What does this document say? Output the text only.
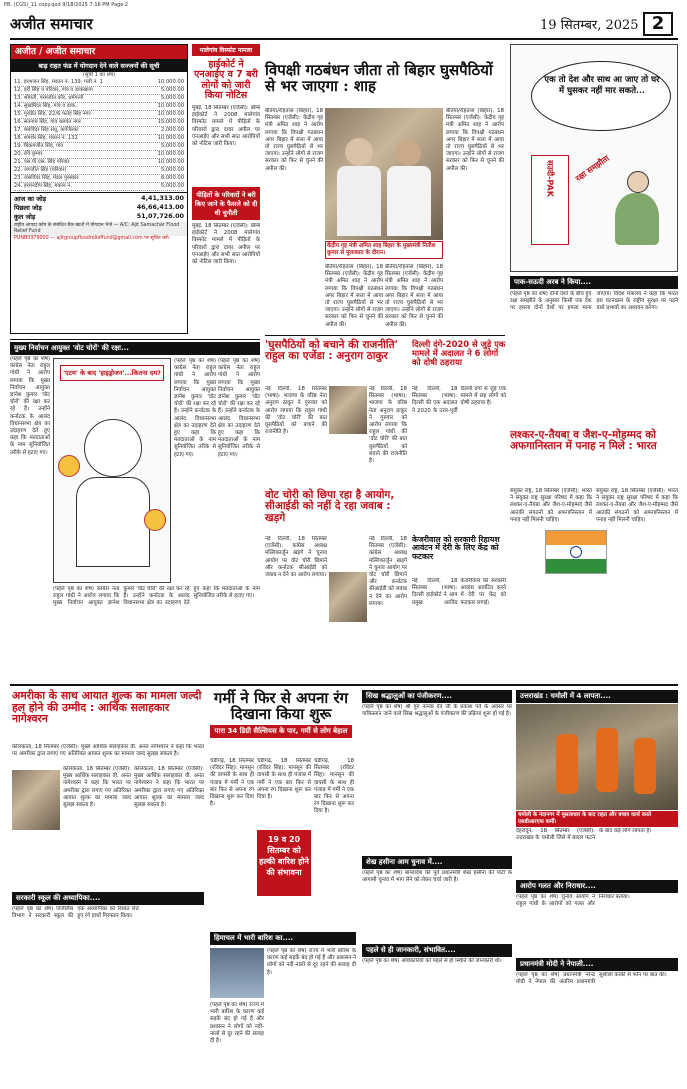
PB. (CGS)_11 copy.qxd 9/18/2025 7:16 PM Page 2
अजीत समाचार	19 सितम्बर, 2025 2
अजीत / अजीत समाचार
बाढ़ राहत फंड में योगदान देने वाले सज्जनों की सूची
(सूची 1 का शेष)
11. हरभजन सिंह, मकान नं. 139, गली नं. 1	10,000.00
12. हरी सिंह व परिवार, गांव व डाकखाना	5,000.00
13. श्रीमती, परमजीत कौर, धर्मपत्नी	5,000.00
14. सुखमिंदर सिंह, गांव व डाक.	10,000.00
15. गुरप्रीत सिंह, 22/6 फतेह सिंह नगर	10,000.00
16. सतनाम सिंह, गांव बलवंत नगर	15,000.00
17. बलविंदर सिंह संधू, फाजिल्का	2,000.00
18. शमशेर सिंह, मकान नं. 132	10,000.00
19. बिक्रमजीत सिंह, गांव	5,000.00
20. रवि कुमार	10,000.00
21. एस.पी.एस. सिंह परिवार	10,000.00
22. जगजीत सिंह (परिवार)	5,000.00
23. जसविंदर सिंह, मेडल पुरस्कार	8,000.00
24. हरमनदीप सिंह, मकान नं.	5,000.00
आज का जोड़	4,41,313.00
पिछला जोड़	46,66,413.00
कुल जोड़	51,07,726.00
राष्ट्रीय आपदा कोष के संबंधित बैंक खातों में योगदान भेजें — A/C: Ajit Samachar Flood Relief Fund
PUNB0379000 — ajitgroupfloodrelieffund@gmail.com पर सूचित करें।
मालेगांव विस्फोट मामला
हाईकोर्ट ने एनआईए व 7 बरी लोगों को जारी किया नोटिस
मुंबई, 18 सितम्बर (एजेंसी): बॉम्बे हाईकोर्ट ने 2008 मालेगांव विस्फोट मामले में पीड़ितों के परिवारों द्वारा दायर अपील पर एनआईए और सभी सात आरोपियों को नोटिस जारी किया।
पीड़ितों के परिवारों ने बरी किए जाने के फैसले को दी थी चुनौती
मुंबई, 18 सितम्बर (एजेंसी): बॉम्बे हाईकोर्ट ने 2008 मालेगांव विस्फोट मामले में पीड़ितों के परिवारों द्वारा दायर अपील पर एनआईए और सभी सात आरोपियों को नोटिस जारी किया।
विपक्षी गठबंधन जीता तो बिहार घुसपैठियों से भर जाएगा : शाह
बेतिया/रोहतास (बिहार), 18 सितम्बर (एजेंसी): केंद्रीय गृह मंत्री अमित शाह ने आरोप लगाया कि विपक्षी गठबंधन अगर बिहार में सत्ता में आया तो राज्य घुसपैठियों से भर जाएगा। उन्होंने लोगों से राजग सरकार को फिर से चुनने की अपील की।
केंद्रीय गृह मंत्री अमित शाह बिहार के मुख्यमंत्री नितीश कुमार से मुलाकात के दौरान।
बेतिया/रोहतास (बिहार), 18 सितम्बर (एजेंसी): केंद्रीय गृह मंत्री अमित शाह ने आरोप लगाया कि विपक्षी गठबंधन अगर बिहार में सत्ता में आया तो राज्य घुसपैठियों से भर जाएगा। उन्होंने लोगों से राजग सरकार को फिर से चुनने की अपील की।
बेतिया/रोहतास (बिहार), 18 सितम्बर (एजेंसी): केंद्रीय गृह मंत्री अमित शाह ने आरोप लगाया कि विपक्षी गठबंधन अगर बिहार में सत्ता में आया तो राज्य घुसपैठियों से भर जाएगा। उन्होंने लोगों से राजग सरकार को फिर से चुनने की अपील की।
बेतिया/रोहतास (बिहार), 18 सितम्बर (एजेंसी): केंद्रीय गृह मंत्री अमित शाह ने आरोप लगाया कि विपक्षी गठबंधन अगर बिहार में सत्ता में आया तो राज्य घुसपैठियों से भर जाएगा। उन्होंने लोगों से राजग सरकार को फिर से चुनने की अपील की।
एक तो देश और साथ आ जाए तो घर में घुसकर नहीं मार सकते...
सउदी-PAK रक्षा समझौता
पाक-सऊदी अरब ने किया....
(पहले पृष्ठ का शेष) दोनों देशों के बीच हुए रक्षा समझौते के अनुसार किसी एक देश पर हमला दोनों देशों पर हमला माना जाएगा। विदेश मंत्रालय ने कहा कि भारत इस घटनाक्रम के राष्ट्रीय सुरक्षा पर पड़ने वाले प्रभावों का अध्ययन करेगा।
'घुसपैठियों को बचाने की राजनीति' राहुल का एजेंडा : अनुराग ठाकुर
नई दिल्ली, 18 सितम्बर (भाषा): भाजपा के वरिष्ठ नेता अनुराग ठाकुर ने गुरुवार को आरोप लगाया कि राहुल गांधी की 'वोट चोरी' की बात घुसपैठियों को बचाने की राजनीति है।
नई दिल्ली, 18 सितम्बर (भाषा): भाजपा के वरिष्ठ नेता अनुराग ठाकुर ने गुरुवार को आरोप लगाया कि राहुल गांधी की 'वोट चोरी' की बात घुसपैठियों को बचाने की राजनीति है।
दिल्ली दंगे-2020 से जुड़े एक मामले में अदालत ने 6 लोगों को दोषी ठहराया
नई दिल्ली, 18 सितम्बर (भाषा): दिल्ली की एक अदालत ने 2020 के उत्तर-पूर्वी दिल्ली दंगों से जुड़े एक मामले में छह लोगों को दोषी ठहराया है।
वोट चोरी को छिपा रहा है आयोग, सीआईडी को नहीं दे रहा जवाब : खड़गे
नई दिल्ली, 18 सितम्बर (एजेंसी): कांग्रेस अध्यक्ष मल्लिकार्जुन खड़गे ने चुनाव आयोग पर वोट चोरी छिपाने और कर्नाटक सीआईडी को जवाब न देने का आरोप लगाया।
नई दिल्ली, 18 सितम्बर (एजेंसी): कांग्रेस अध्यक्ष मल्लिकार्जुन खड़गे ने चुनाव आयोग पर वोट चोरी छिपाने और कर्नाटक सीआईडी को जवाब न देने का आरोप लगाया।
केजरीवाल को सरकारी रिहायश आवंटन में देरी के लिए केंद्र को फटकार
नई दिल्ली, 18 सितम्बर (भाषा): दिल्ली हाईकोर्ट ने आप प्रमुख अरविंद केजरीवाल को सरकारी आवास आवंटित करने में देरी पर केंद्र को फटकार लगाई।
लश्कर-ए-तैयबा व जैश-ए-मोहम्मद को अफगानिस्तान में पनाह न मिले : भारत
संयुक्त राष्ट्र, 18 सितम्बर (एजेंसी): भारत ने संयुक्त राष्ट्र सुरक्षा परिषद में कहा कि लश्कर-ए-तैयबा और जैश-ए-मोहम्मद जैसे आतंकी संगठनों को अफगानिस्तान में पनाह नहीं मिलनी चाहिए।
संयुक्त राष्ट्र, 18 सितम्बर (एजेंसी): भारत ने संयुक्त राष्ट्र सुरक्षा परिषद में कहा कि लश्कर-ए-तैयबा और जैश-ए-मोहम्मद जैसे आतंकी संगठनों को अफगानिस्तान में पनाह नहीं मिलनी चाहिए।
मुख्य निर्वाचन आयुक्त 'वोट चोरों' की रक्षा...
(पहले पृष्ठ का शेष) कांग्रेस नेता राहुल गांधी ने आरोप लगाया कि मुख्य निर्वाचन आयुक्त ज्ञानेश कुमार 'वोट चोरों' की रक्षा कर रहे हैं। उन्होंने कर्नाटक के आलंद विधानसभा क्षेत्र का उदाहरण देते हुए कहा कि मतदाताओं के नाम सुनियोजित तरीके से हटाए गए।
'एटम' के बाद 'हाइड्रोजन'...कितना दम?
(पहले पृष्ठ का शेष) कांग्रेस नेता राहुल गांधी ने आरोप लगाया कि मुख्य निर्वाचन आयुक्त ज्ञानेश कुमार 'वोट चोरों' की रक्षा कर रहे हैं। उन्होंने कर्नाटक के आलंद विधानसभा क्षेत्र का उदाहरण देते हुए कहा कि मतदाताओं के नाम सुनियोजित तरीके से हटाए गए।
(पहले पृष्ठ का शेष) कांग्रेस नेता राहुल गांधी ने आरोप लगाया कि मुख्य निर्वाचन आयुक्त ज्ञानेश कुमार 'वोट चोरों' की रक्षा कर रहे हैं। उन्होंने कर्नाटक के आलंद विधानसभा क्षेत्र का उदाहरण देते हुए कहा कि मतदाताओं के नाम सुनियोजित तरीके से हटाए गए।
(पहले पृष्ठ का शेष) कांग्रेस नेता राहुल गांधी ने आरोप लगाया कि मुख्य निर्वाचन आयुक्त ज्ञानेश कुमार 'वोट चोरों' की रक्षा कर रहे हैं। उन्होंने कर्नाटक के आलंद विधानसभा क्षेत्र का उदाहरण देते हुए कहा कि मतदाताओं के नाम सुनियोजित तरीके से हटाए गए।
अमरीका के साथ आयात शुल्क का मामला जल्दी हल होने की उम्मीद : आर्थिक सलाहकार नागेश्वरन
कोलकाता, 18 सितम्बर (एजेंसी): मुख्य आर्थिक सलाहकार वी. अनंत नागेश्वरन ने कहा कि भारत पर अमरीका द्वारा लगाए गए अतिरिक्त आयात शुल्क का मामला जल्द सुलझ सकता है।
कोलकाता, 18 सितम्बर (एजेंसी): मुख्य आर्थिक सलाहकार वी. अनंत नागेश्वरन ने कहा कि भारत पर अमरीका द्वारा लगाए गए अतिरिक्त आयात शुल्क का मामला जल्द सुलझ सकता है।
कोलकाता, 18 सितम्बर (एजेंसी): मुख्य आर्थिक सलाहकार वी. अनंत नागेश्वरन ने कहा कि भारत पर अमरीका द्वारा लगाए गए अतिरिक्त आयात शुल्क का मामला जल्द सुलझ सकता है।
गर्मी ने फिर से अपना रंग दिखाना किया शुरू
पारा 34 डिग्री सैल्सियस के पार, गर्मी से लोग बेहाल
चंडीगढ़, 18 सितम्बर (रविंदर सिंह): मानसून की वापसी के साथ ही पंजाब में गर्मी ने एक बार फिर से अपना रंग दिखाना शुरू कर दिया है।
19 व 20 सितम्बर को हल्की बारिश होने की संभावना
चंडीगढ़, 18 सितम्बर (रविंदर सिंह): मानसून की वापसी के साथ ही पंजाब में गर्मी ने एक बार फिर से अपना रंग दिखाना शुरू कर दिया है।
चंडीगढ़, 18 सितम्बर (रविंदर सिंह): मानसून की वापसी के साथ ही पंजाब में गर्मी ने एक बार फिर से अपना रंग दिखाना शुरू कर दिया है।
सरकारी स्कूल की अध्यापिका....
(पहले पृष्ठ का शेष) विजीलैंस विभाग ने सरकारी स्कूल की एक अध्यापिका को रिश्वत लेते हुए रंगे हाथों गिरफ्तार किया।
हिमाचल में भारी बारिश का....
(पहले पृष्ठ का शेष) राज्य में भारी बारिश के कारण कई सड़कें बंद हो गई हैं और प्रशासन ने लोगों को नदी-नालों से दूर रहने की सलाह दी है।
(पहले पृष्ठ का शेष) राज्य में भारी बारिश के कारण कई सड़कें बंद हो गई हैं और प्रशासन ने लोगों को नदी-नालों से दूर रहने की सलाह दी है।
सिख श्रद्धालुओं का पंजीकरण....
(पहले पृष्ठ का शेष) श्री गुरु नानक देव जी के प्रकाश पर्व के अवसर पर पाकिस्तान जाने वाले सिख श्रद्धालुओं के पंजीकरण की प्रक्रिया शुरू हो गई है।
उत्तराखंड : चमोली में 4 लापता....
चमोली के नंदानगर में मूसलाधार के बाद राहत और बचाव कार्य करते एसडीआरएफ कर्मी।
देहरादून, 18 सितम्बर (एजेंसी): उत्तराखंड के चमोली जिले में बादल फटने के बाद कई लोग लापता हैं।
शेख हसीना आम चुनाव में....
(पहले पृष्ठ का शेष) बांग्लादेश की पूर्व प्रधानमंत्री शेख हसीना की पार्टी के आगामी चुनाव में भाग लेने को लेकर चर्चा जारी है।
आरोप गलत और निराधार....
(पहले पृष्ठ का शेष) चुनाव आयोग ने राहुल गांधी के आरोपों को गलत और निराधार बताया।
पहले से ही जानकारी, संभावित....
(पहले पृष्ठ का शेष) अधिकारियों को पहले से ही स्थिति की जानकारी थी।	प्रधानमंत्री मोदी ने नेपाली....
(पहले पृष्ठ का शेष) प्रधानमंत्री नरेन्द्र मोदी ने नेपाल की अंतरिम प्रधानमंत्री सुशीला कार्की से फोन पर बात की।
